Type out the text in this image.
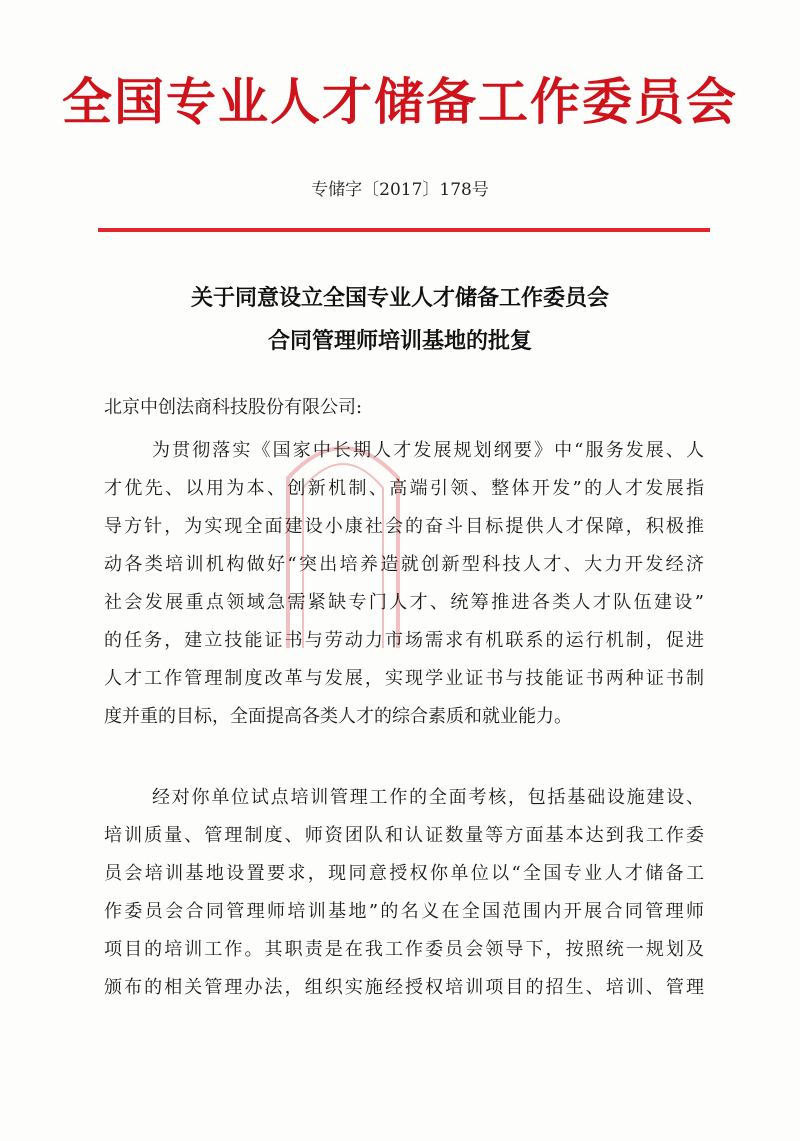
全国专业人才储备工作委员会
专储字〔2017〕178号
关于同意设立全国专业人才储备工作委员会
合同管理师培训基地的批复
北京中创法商科技股份有限公司:
为贯彻落实《国家中长期人才发展规划纲要》中“服务发展、人
才优先、以用为本、创新机制、高端引领、整体开发”的人才发展指
导方针，为实现全面建设小康社会的奋斗目标提供人才保障，积极推
动各类培训机构做好“突出培养造就创新型科技人才、大力开发经济
社会发展重点领域急需紧缺专门人才、统筹推进各类人才队伍建设”
的任务，建立技能证书与劳动力市场需求有机联系的运行机制，促进
人才工作管理制度改革与发展，实现学业证书与技能证书两种证书制
度并重的目标，全面提高各类人才的综合素质和就业能力。
经对你单位试点培训管理工作的全面考核，包括基础设施建设、
培训质量、管理制度、师资团队和认证数量等方面基本达到我工作委
员会培训基地设置要求，现同意授权你单位以“全国专业人才储备工
作委员会合同管理师培训基地”的名义在全国范围内开展合同管理师
项目的培训工作。其职责是在我工作委员会领导下，按照统一规划及
颁布的相关管理办法，组织实施经授权培训项目的招生、培训、管理
